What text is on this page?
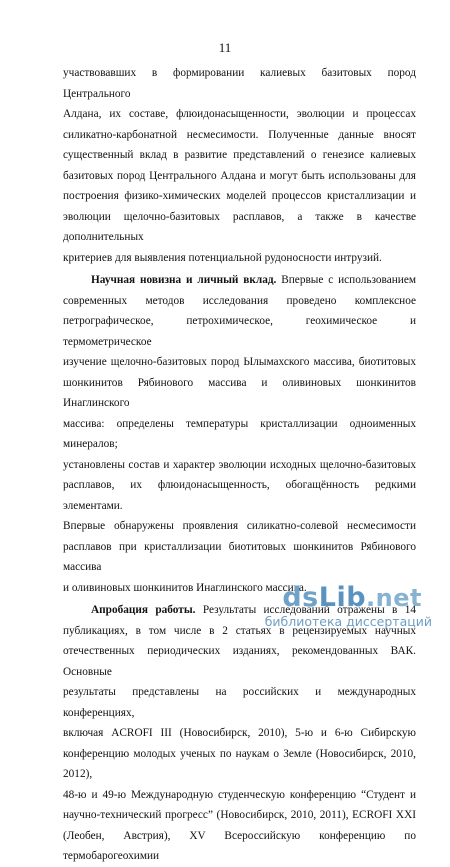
11
участвовавших в формировании калиевых базитовых пород Центрального
Алдана, их составе, флюидонасыщенности, эволюции и процессах
силикатно-карбонатной несмесимости. Полученные данные вносят
существенный вклад в развитие представлений о генезисе калиевых
базитовых пород Центрального Алдана и могут быть использованы для
построения физико-химических моделей процессов кристаллизации и
эволюции щелочно-базитовых расплавов, а также в качестве дополнительных
критериев для выявления потенциальной рудоносности интрузий.
Научная новизна и личный вклад. Впервые с использованием
современных методов исследования проведено комплексное
петрографическое, петрохимическое, геохимическое и термометрическое
изучение щелочно-базитовых пород Ылымахского массива, биотитовых
шонкинитов Рябинового массива и оливиновых шонкинитов Инаглинского
массива: определены температуры кристаллизации одноименных минералов;
установлены состав и характер эволюции исходных щелочно-базитовых
расплавов, их флюидонасыщенность, обогащённость редкими элементами.
Впервые обнаружены проявления силикатно-солевой несмесимости
расплавов при кристаллизации биотитовых шонкинитов Рябинового массива
и оливиновых шонкинитов Инаглинского массива.
Апробация работы. Результаты исследований отражены в 14
публикациях, в том числе в 2 статьях в рецензируемых научных
отечественных периодических изданиях, рекомендованных ВАК. Основные
результаты представлены на российских и международных конференциях,
включая ACROFI III (Новосибирск, 2010), 5-ю и 6-ю Сибирскую
конференцию молодых ученых по наукам о Земле (Новосибирск, 2010, 2012),
48-ю и 49-ю Международную студенческую конференцию “Студент и
научно-технический прогресс” (Новосибирск, 2010, 2011), ECROFI XXI
(Леобен, Австрия), XV Всероссийскую конференцию по термобарогеохимии
dsLib.net
библиотека диссертаций
